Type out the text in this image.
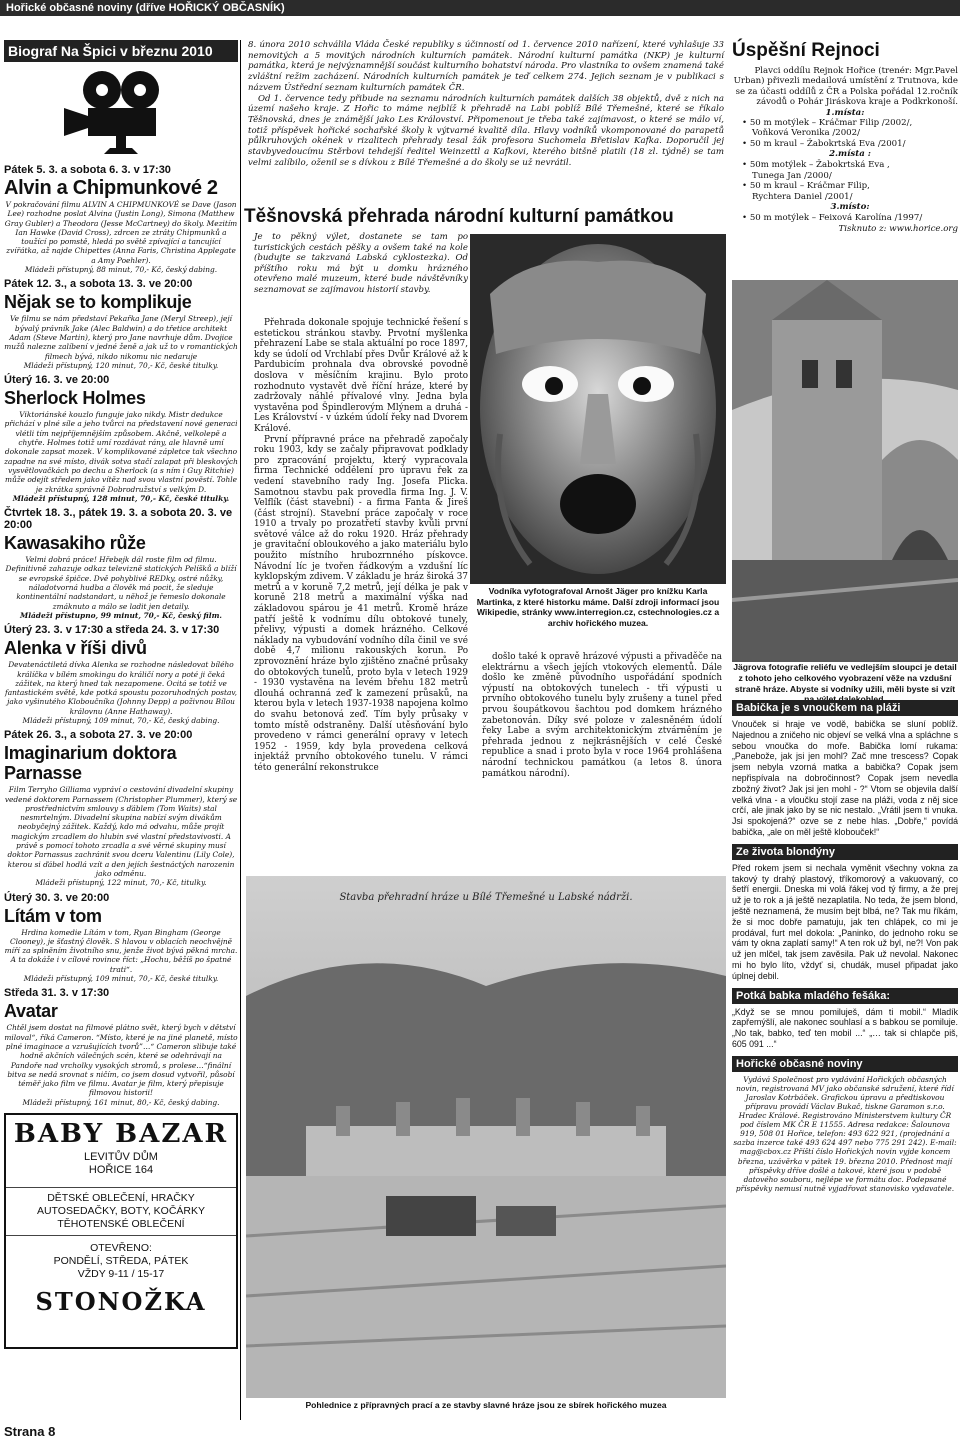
Hořické občasné noviny (dříve HOŘICKÝ OBČASNÍK)
Biograf Na Špici v březnu 2010
Pátek 5. 3. a sobota 6. 3. v 17:30
Alvin a Chipmunkové 2
V pokračování filmu ALVIN A CHIPMUNKOVÉ se Dave (Jason Lee) rozhodne poslat Alvina (Justin Long), Simona (Matthew Gray Gubler) a Theodora (Jesse McCartney) do školy. Mezitím Ian Hawke (David Cross), zdrcen ze ztráty Chipmunků a toužící po pomstě, hledá po světě zpívající a tancující zvířátka, až najde Chipettes (Anna Faris, Christina Applegate a Amy Poehler).
Mládeži přístupný, 88 minut, 70,- Kč, český dabing.
Pátek 12. 3., a sobota 13. 3. ve 20:00
Nějak se to komplikuje
Ve filmu se nám představí Pekařka Jane (Meryl Streep), její bývalý právník Jake (Alec Baldwin) a do třetice architekt Adam (Steve Martin), který pro Jane navrhuje dům. Dvojice mužů nalezne zalíbení v jedné ženě a jak už to v romantických filmech bývá, nikdo nikomu nic nedaruje
Mládeži přístupný, 120 minut, 70,- Kč, české titulky.
Úterý 16. 3. ve 20:00
Sherlock Holmes
Viktoriánské kouzlo funguje jako nikdy. Mistr dedukce přichází v plné síle a jeho tvůrci na představení nové generaci vlétli tím nejpříjemnějším způsobem. Akčně, velkolepě a chytře. Holmes totiž umí rozdávat rány, ale hlavně umí dokonale zapsat mozek. V komplikované zápletce tak všechno zapadne na své místo, divák sotva stačí zalapat při bleskových vysvětlovačkách po dechu a Sherlock (a s ním i Guy Ritchie) může odejít středem jako vítěz nad svou vlastní pověstí. Tohle je zkrátka správně Dobrodružství s velkým D.
Mládeži přístupný, 128 minut, 70,- Kč, české titulky.
Čtvrtek 18. 3., pátek 19. 3. a sobota 20. 3. ve 20:00
Kawasakiho růže
Velmi dobrá práce! Hřebejk dál roste film od filmu. Definitivně zahazuje odkaz televizně statických Pelíšků a blíží se evropské špičce. Dvě pohyblivé REDky, ostré nůžky, náladotvorná hudba a člověk má pocit, že sleduje kontinentální nadstandart, u něhož je řemeslo dokonale zmáknuto a málo se ladit jen detaily.
Mládeži přístupno, 99 minut, 70,- Kč, český film.
Úterý 23. 3. v 17:30 a středa 24. 3. v 17:30
Alenka v říši divů
Devatenáctiletá dívka Alenka se rozhodne následovat bílého králíčka v bílém smokingu do králičí nory a poté ji čeká zážitek, na který hned tak nezapomene. Ocitá se totiž ve fantastickém světě, kde potká spoustu pozoruhodných postav, jako vyšinutého Kloboučníka (Johnny Depp) a poživnou Bílou královnu (Anne Hathaway).
Mládeži přístupný, 109 minut, 70,- Kč, český dabing.
Pátek 26. 3., a sobota 27. 3. ve 20:00
Imaginarium doktora Parnasse
Film Terryho Gilliama vypráví o cestování divadelní skupiny vedené doktorem Parnassem (Christopher Plummer), který se prostřednictvím smlouvy s ďáblem (Tom Waits) stal nesmrtelným. Divadelní skupina nabízí svým divákům neobyčejný zážitek. Každý, kdo má odvahu, může projít magickým zrcadlem do hlubin své vlastní představivosti. A právě s pomocí tohoto zrcadla a své věrné skupiny musí doktor Parnassus zachránit svou dceru Valentinu (Lily Cole), kterou si ďábel hodlá vzít a den jejích šestnáctých narozenin jako odměnu.
Mládeži přístupný, 122 minut, 70,- Kč, titulky.
Úterý 30. 3. ve 20:00
Lítám v tom
Hrdina komedie Lítám v tom, Ryan Bingham (George Clooney), je šťastný člověk. S hlavou v oblacích neochvějně míří za splněním životního snu, jenže život bývá pěkná mrcha. A ta dokáže i v cílové rovince říct: „Hochu, běžíš po špatné trati“.
Mládeži přístupný, 109 minut, 70,- Kč, české titulky.
Středa 31. 3. v 17:30
Avatar
Chtěl jsem dostat na filmové plátno svět, který bych v dětství miloval“, říká Cameron. “Místo, které je na jiné planetě, místo plné imaginace a vzrušujících tvorů”…“ Cameron slibuje také hodně akčních válečných scén, které se odehrávají na Pandoře nad vrcholky vysokých stromů, s prolese…“finální bitva se nedá srovnat s ničím, co jsem dosud vytvořil, působí téměř jako film ve filmu. Avatar je film, který přepisuje filmovou historii!
Mládeži přístupný, 161 minut, 80,- Kč, český dabing.
BABY BAZAR
LEVITŮV DŮM
HOŘICE 164
DĚTSKÉ OBLEČENÍ, HRAČKY
AUTOSEDAČKY, BOTY, KOČÁRKY
TĚHOTENSKÉ OBLEČENÍ
OTEVŘENO:
PONDĚLÍ, STŘEDA, PÁTEK
VŽDY 9-11 / 15-17
STONOŽKA
Strana 8

8. února 2010 schválila Vláda České republiky s účinností od 1. července 2010 nařízení, které vyhlašuje 33 nemovitých a 5 movitých národních kulturních památek. Národní kulturní památka (NKP) je kulturní památka, která je nejvýznamnější součást kulturního bohatství národa. Pro vlastníka to ovšem znamená také zvláštní režim zacházení. Národních kulturních památek je teď celkem 274. Jejich seznam je v publikaci s názvem Ústřední seznam kulturních památek ČR.

Od 1. července tedy přibude na seznamu národních kulturních památek dalších 38 objektů, dvě z nich na území našeho kraje. Z Hořic to máme nejblíž k přehradě na Labi poblíž Bílé Třemešné, které se říkalo Těšnovská, dnes je známější jako Les Království. Připomenout je třeba také zajímavost, o které se málo ví, totiž příspěvek hořické sochařské školy k výtvarné kvalitě díla. Hlavy vodníků vkomponované do parapetů půlkruhových okének v rizalitech přehrady tesal žák profesora Suchomela Břetislav Kafka. Doporučil jej stavbyvedoucímu Stěrbovi tehdejší ředitel Weinzettl a Kafkovi, kterého bitšně platili (18 zl. týdně) se tam velmi zalíbilo, oženil se s dívkou z Bílé Třemešné a do školy se už nevrátil.

Těšnovská přehrada národní kulturní památkou
Je to pěkný výlet, dostanete se tam po turistických cestách pěšky a ovšem také na kole (budujte se takzvaná Labská cyklostezka). Od příštího roku má být u domku hrázného otevřeno malé muzeum, které bude návštěvníky seznamovat se zajímavou historií stavby.

Přehrada dokonale spojuje technické řešení s estetickou stránkou stavby. Prvotní myšlenka přehrazení Labe se stala aktuální po roce 1897, kdy se údolí od Vrchlabí přes Dvůr Králové až k Pardubicím prohnala dva obrovské povodně doslova v měsíčním krajinu. Bylo proto rozhodnuto vystavět dvě říční hráze, které by zadržovaly náhlé přívalové vlny. Jedna byla vystavěna pod Špindlerovým Mlýnem a druhá - Les Království - v úzkém údolí řeky nad Dvorem Králové.

První přípravné práce na přehradě započaly roku 1903, kdy se začaly připravovat podklady pro zpracování projektu, který vypracovala firma Technické oddělení pro úpravu řek za vedení stavebního rady Ing. Josefa Plicka. Samotnou stavbu pak provedla firma Ing. J. V. Velflík (část stavební) - a firma Fanta & Jireš (část strojní). Stavební práce započaly v roce 1910 a trvaly po prozatřetí stavby kvůli první světové válce až do roku 1920. Hráz přehrady je gravitační obloukového a jako materiálu bylo použito místního hrubozrnného pískovce. Návodní líc je tvořen řádkovým a vzdušní líc kyklopským zdivem. V základu je hráz široká 37 metrů a v koruně 7,2 metrů, její délka je pak v koruně 218 metrů a maximální výška nad základovou spárou je 41 metrů. Kromě hráze patří ještě k vodnímu dílu obtokové tunely, přelivy, výpusti a domek hrázného. Celkové náklady na vybudování vodního díla činil ve své době 4,7 milionu rakouských korun. Po zprovoznění hráze bylo zjištěno značné průsaky do obtokových tunelů, proto byla v letech 1929 - 1930 vystavěna na levém břehu 182 metrů dlouhá ochranná zeď k zamezení průsaků, na kterou byla v letech 1937-1938 napojena kolmo do svahu betonová zeď. Tím byly průsaky v tomto místě odstraněny. Další utěsňování bylo provedeno v rámci generální opravy v letech 1952 - 1959, kdy byla provedena celková injektáž prvního obtokového tunelu. V rámci této generální rekonstrukce

Vodníka vyfotografoval Arnošt Jäger pro knížku Karla Martinka, z které historku máme. Další zdroji informací jsou Wikipedie, stránky www.interregion.cz, cstechnologies.cz a archiv hořického muzea.

došlo také k opravě hrázové výpusti a přivaděče na elektrárnu a všech jejích vtokových elementů. Dále došlo ke změně původního uspořádání spodních výpustí na obtokových tunelech - tři výpusti u prvního obtokového tunelu byly zrušeny a tunel před prvou šoupátkovou šachtou pod domkem hrázného zabetonován. Díky své poloze v zalesněném údolí řeky Labe a svým architektonickým ztvárněním je přehrada jednou z nejkrásnějších v celé České republice a snad i proto byla v roce 1964 prohlášena národní technickou památkou (a letos 8. února památkou národní).

Stavba přehradní hráze u Bílé Třemešné u Labské nádrži.
Pohlednice z přípravných prací a ze stavby slavné hráze jsou ze sbírek hořického muzea
Úspěšní Rejnoci
Plavci oddílu Rejnok Hořice (trenér: Mgr.Pavel Urban) přivezli medailová umístění z Trutnova, kde se za účasti oddílů z ČR a Polska pořádal 12.ročník závodů o Pohár Jiráskova kraje a Podkrkonoší.
1.místa:
• 50 m motýlek – Kráčmar Filip /2002/,
Voňková Veronika /2002/
• 50 m kraul – Žabokrtská Eva /2001/
2.místa :
• 50m motýlek – Žabokrtská Eva ,
Tunega Jan /2000/
• 50 m kraul – Kráčmar Filip,
Rychtera Daniel /2001/
3.místo:
• 50 m motýlek – Feixová Karolína /1997/
Tisknuto z: www.horice.org
Jägrova fotografie reliéfu ve vedlejším sloupci je detail z tohoto jeho celkového vyobrazení věže na vzdušní straně hráze. Abyste si vodníky užili, měli byste si vzít
Babička je s vnoučkem na pláži
Vnouček si hraje ve vodě, babička se sluní poblíž. Najednou a zničeho nic objeví se velká vlna a spláchne s sebou vnoučka do moře. Babička lomí rukama: „Panebože, jak jsi jen mohl? Zač mne trescess? Copak jsem nebyla vzorná matka a babička? Copak jsem nepřispívala na dobročinnost? Copak jsem nevedla zbožný život? Jak jsi jen mohl - ?“ Vtom se objevila další velká vlna - a vloučku stojí zase na pláži, voda z něj sice crčí, ale jinak jako by se nic nestalo. „Vrátil jsem ti vnuka. Jsi spokojená?“ ozve se z nebe hlas. „Dobře,“ povídá babička, „ale on měl ještě klobouček!“
Ze života blondýny
Před rokem jsem si nechala vyměnit všechny vokna za takový ty drahý plastový, tříkomorový a vakuovaný, co šetří energii. Dneska mi volá řákej vod tý firmy, a že prej už je to rok a já ještě nezaplatila. No teda, že jsem blond, ještě neznamená, že musím bejt blbá, ne? Tak mu říkám, že si moc dobře pamatuju, jak ten chlápek, co mi je prodával, furt mel dokola: „Paninko, do jednoho roku se vám ty okna zaplatí samy!“ A ten rok už byl, ne?! Von pak už jen mlčel, tak jsem zavěsila. Pak už nevolal. Nakonec mi ho bylo líto, vždyť si, chudák, musel připadat jako úplnej debil.
Potká babka mladého fešáka:
„Když se se mnou pomiluješ, dám ti mobil.“ Mladík zapřemýšlí, ale nakonec souhlasí a s babkou se pomiluje. „No tak, babko, teď ten mobil ...“ „… tak si chlapče piš, 605 091 ...“
Hořické občasné noviny
Vydává Společnost pro vydávání Hořických občasných novin, registrovaná MV jako občanské sdružení, které řídí Jaroslav Kotrbáček. Grafickou úpravu a předtiskovou přípravu provádí Václav Bukač, tiskne Garamon s.r.o. Hradec Králové. Registrováno Ministerstvem kultury ČR pod číslem MK ČR E 11555. Adresa redakce: Šalounova 919, 508 01 Hořice, telefon: 493 622 921, (projednání a sazba inzerce také 493 624 497 nebo 775 291 242). E-mail: mag@cbox.cz Příští číslo Hořických novin vyjde koncem března, uzávěrka v pátek 19. března 2010. Přednost mají příspěvky dříve došlé a takové, které jsou v podobě datového souboru, nejlépe ve formátu doc. Podepsané příspěvky nemusí nutně vyjadřovat stanovisko vydavatele.
